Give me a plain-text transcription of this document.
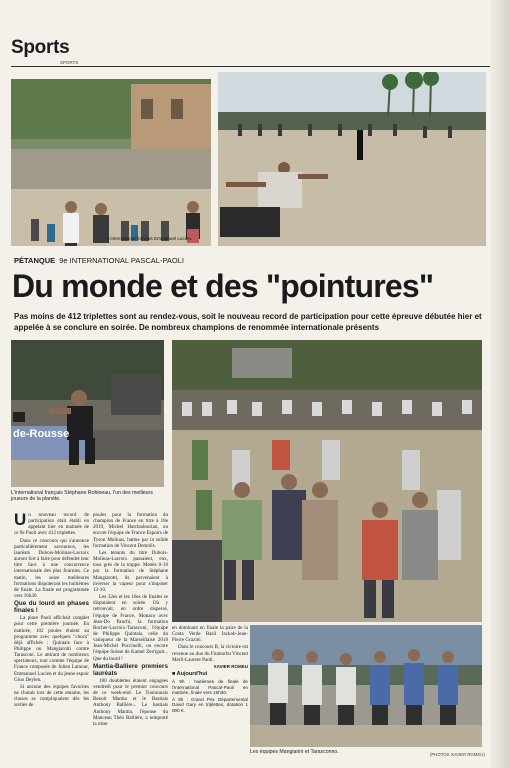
Sports
SPORTS
L'international français Emmanuel Lucien.
PÉTANQUE 9e INTERNATIONAL PASCAL-PAOLI
Du monde et des "pointures"
Pas moins de 412 triplettes sont au rendez-vous, soit le nouveau record de participation pour cette épreuve débutée hier et appelée à se conclure en soirée. De nombreux champions de renommée internationale présents
de-Rousse
L'international français Stéphane Robineau, l'un des meilleurs joueurs de la planète.

Un nouveau record de participation était établi en appelant hier en matinée de ce 9e Paoli avec 412 triplettes.

Dans ce concours qui s'annonce particulièrement savoureux, les lauréats Dubois-Molinas-Lacroix auront fort à faire pour défendre leur titre face à une concurrence internationale des plus fournies. Ce matin, les seize meilleures formations disputeront les huitièmes de finale. La finale est programmée vers 16h30.

Que du lourd en phases finales !

La place Paoli affichait complet pour cette première journée. En matinée, 102 poules étaient au programme avec quelques "chocs" déjà affichés : Quintais face à Philippe ou Mangiarotti contre Tarasconi. Le attirant de nombreux spectateurs, tout comme l'équipe de France composée de Julien Lamour, Emmanuel Lucien et du jeune espoir Gino Deylen.

Si aucune des équipes favorites ne chutait lors de cette entame, les choses se compliquaient dès les sorties de

poules pour la formation du champion de France en titre à 18e 2019, Michel Hatchadourian, ou encore l'équipe de France Espoirs de Tyson Molinas, battue par la solide formation de Vincent Demolis.

Les tenants du titre Dubois-Molinas-Lacroix passaient, eux, tous grès de la trappe. Menés 0-10 par la formation de Stéphane Mangiarotti, ils parvenaient à inverser la vapeur pour s'imposer 13-10.

Les 32es et les 16es de finales se disputaient en soirée. Où y retrouvait, en ordre dispersé, l'équipe de France, Monaco avec Jean-Do Panchi, la formation Rocher-Lacroix-Tarasconi, l'équipe de Philippe Quintais, celle du vainqueur de la Marseillaise 2018 Jean-Michel Puccinelli, ou encore l'équipe Suisse de Kamel Zerriguit... Que du lourd !

Mantia-Balliere premiers lauréats

180 doublettes étaient engagées vendredi pour le premier concours de ce week-end. Le Toulonnais Benoit Mantia et le Bastiais Anthony Ballière... Le bastiais Anthony Mantia, l'épouse du Manceau Théo Ballière, a remporté la mise

en dominant en finale la paire de la Costa Verde Basil Jackob-Jean-Pierre Grazini.

Dans le concours B, la victoire est revenue au duo du Fiumorbu Vincent Merli-Laurent Paoli.

XAVIER ROMEU

■ Aujourd'hui

À 9h : huitièmes de finale de l'International Pascal-Paoli en matinée, finale vers 16h30.

À 9h : Grand Prix Départemental David Gary en triplettes, dotation 1 000 €.

Les équipes Mangiarini et Tarasconno.	(PHOTOS XAVIER ROMEU)
